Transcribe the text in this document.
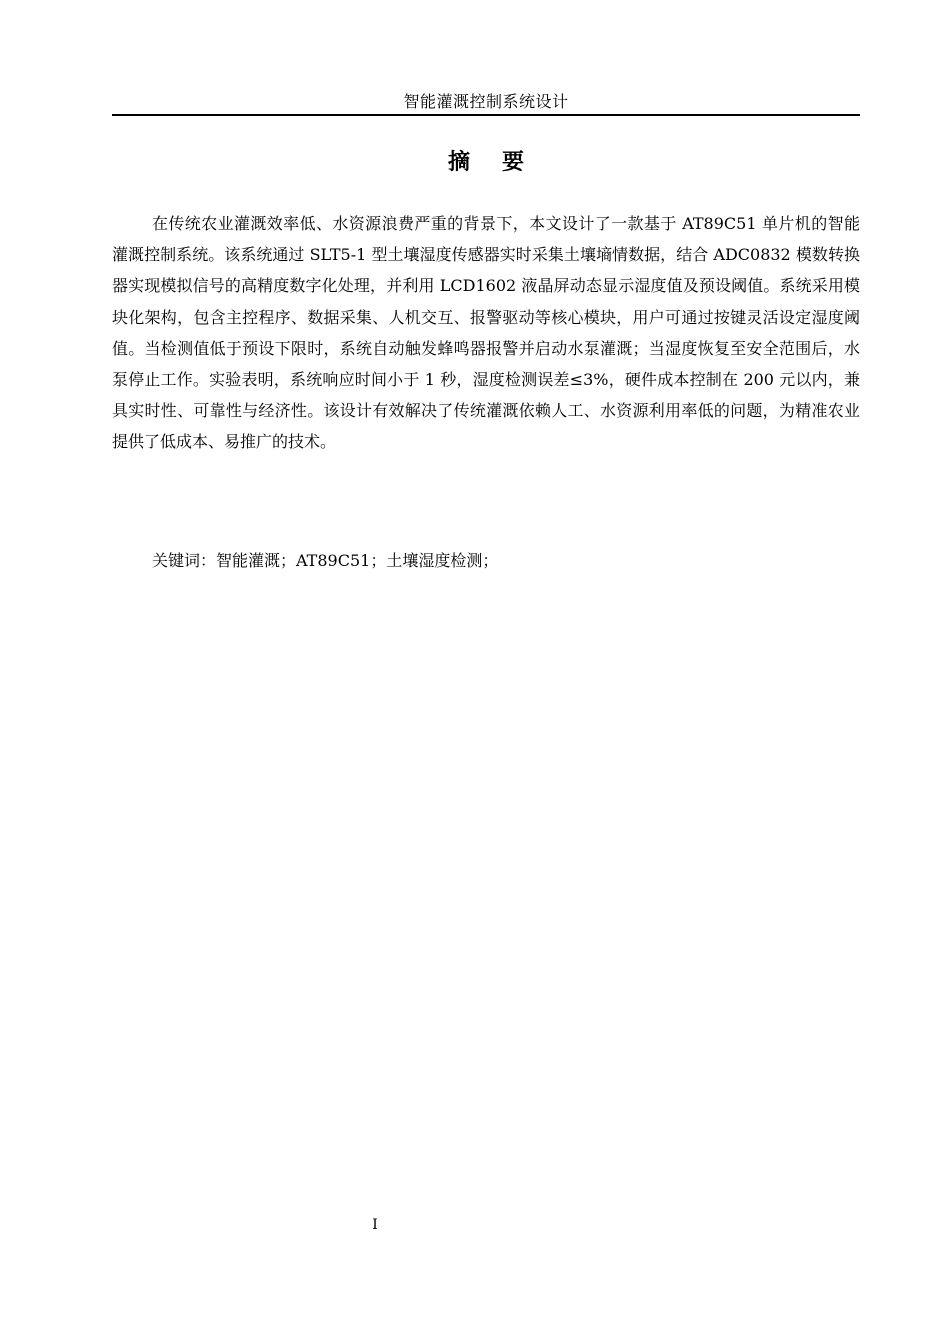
智能灌溉控制系统设计
摘 要

在传统农业灌溉效率低、水资源浪费严重的背景下，本文设计了一款基于 AT89C51 单片机的智能灌溉控制系统。该系统通过 SLT5-1 型土壤湿度传感器实时采集土壤墒情数据，结合 ADC0832 模数转换器实现模拟信号的高精度数字化处理，并利用 LCD1602 液晶屏动态显示湿度值及预设阈值。系统采用模块化架构，包含主控程序、数据采集、人机交互、报警驱动等核心模块，用户可通过按键灵活设定湿度阈值。当检测值低于预设下限时，系统自动触发蜂鸣器报警并启动水泵灌溉；当湿度恢复至安全范围后，水泵停止工作。实验表明，系统响应时间小于 1 秒，湿度检测误差≤3%，硬件成本控制在 200 元以内，兼具实时性、可靠性与经济性。该设计有效解决了传统灌溉依赖人工、水资源利用率低的问题，为精准农业提供了低成本、易推广的技术。

关键词：智能灌溉；AT89C51；土壤湿度检测；

I
